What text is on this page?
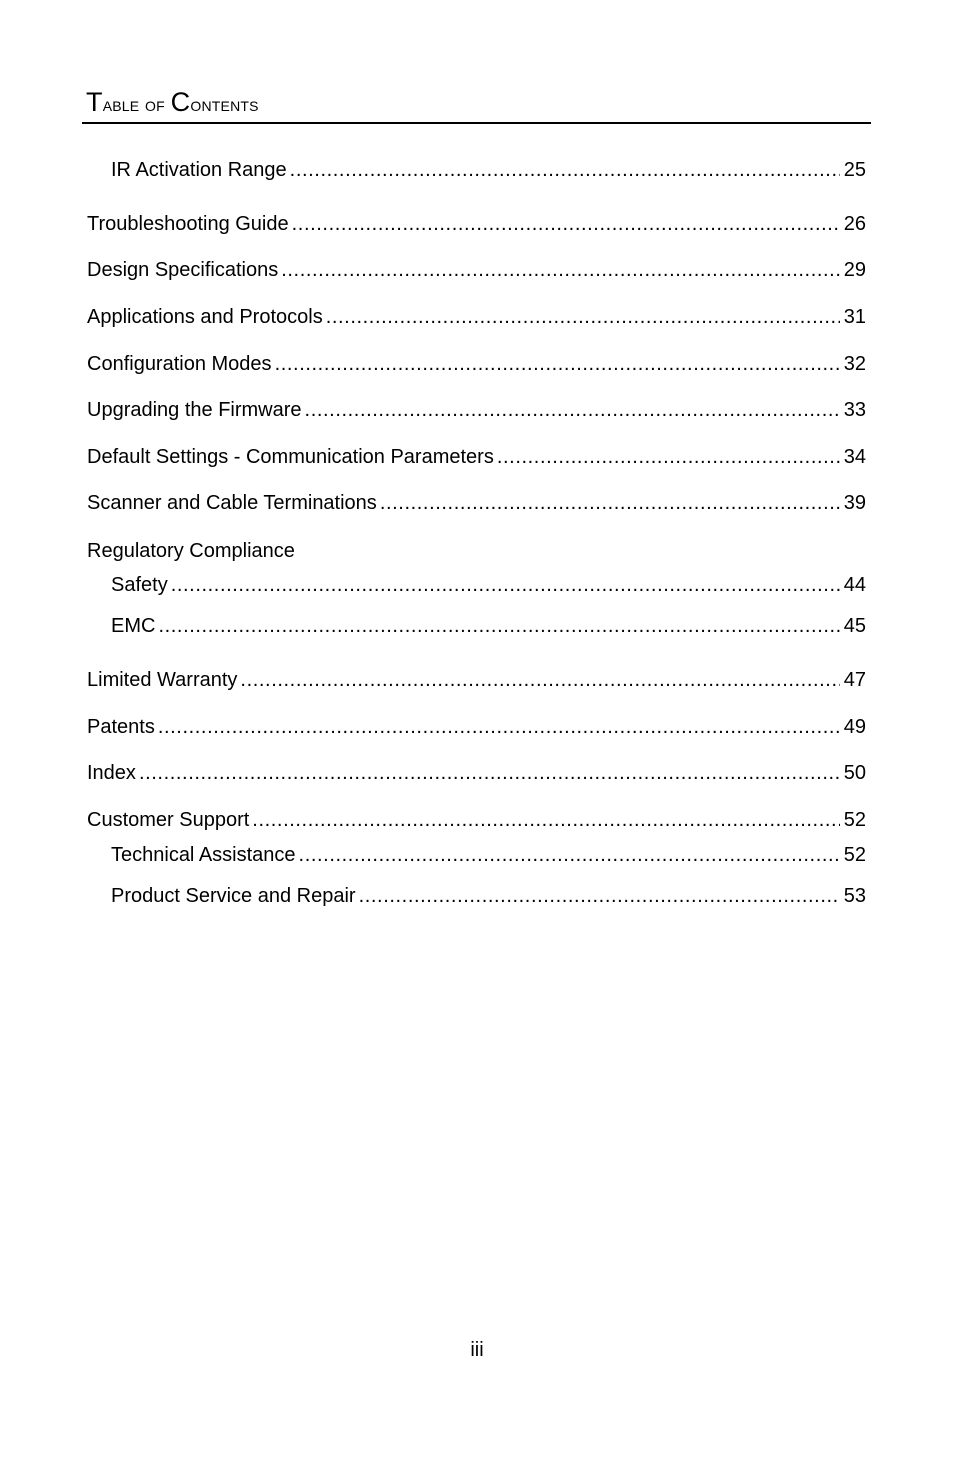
Table of Contents
IR Activation Range .....	25
Troubleshooting Guide .....	26
Design Specifications .....	29
Applications and Protocols .....	31
Configuration Modes .....	32
Upgrading the Firmware .....	33
Default Settings - Communication Parameters .....	34
Scanner and Cable Terminations .....	39
Regulatory Compliance
Safety .....	44
EMC .....	45
Limited Warranty .....	47
Patents .....	49
Index .....	50
Customer Support .....	52
Technical Assistance .....	52
Product Service and Repair .....	53
iii
